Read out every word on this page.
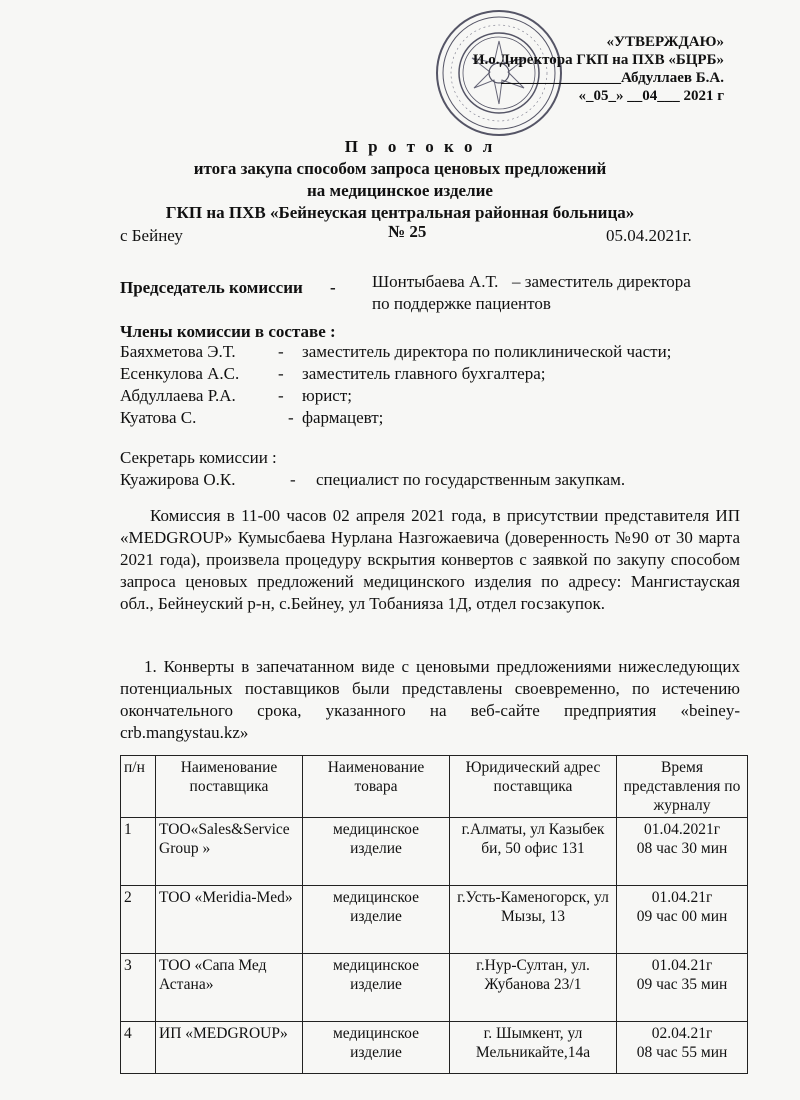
«УТВЕРЖДАЮ»
И.о.Директора ГКП на ПХВ «БЦРБ»
________________Абдуллаев Б.А.
«_05_» __04___ 2021 г
П р о т о к о л
итога закупа способом запроса ценовых предложений
на медицинское изделие
ГКП на ПХВ «Бейнеуская центральная районная больница»
с Бейнеу	№ 25	05.04.2021г.
Председатель комиссии - Шонтыбаева А.Т. – заместитель директора
по поддержке пациентов
Члены комиссии в составе :
Баяхметова Э.Т. - заместитель директора по поликлинической части;
Есенкулова А.С. - заместитель главного бухгалтера;
Абдуллаева Р.А. - юрист;
Куатова С.	- фармацевт;
Секретарь комиссии :
Куажирова О.К.	- специалист по государственным закупкам.
Комиссия в 11-00 часов 02 апреля 2021 года, в присутствии представителя ИП «MEDGROUP» Кумысбаева Нурлана Назгожаевича (доверенность №90 от 30 марта 2021 года), произвела процедуру вскрытия конвертов с заявкой по закупу способом запроса ценовых предложений медицинского изделия по адресу: Мангистауская обл., Бейнеуский р-н, с.Бейнеу, ул Тобанияза 1Д, отдел госзакупок.
1. Конверты в запечатанном виде с ценовыми предложениями нижеследующих потенциальных поставщиков были представлены своевременно, по истечению окончательного срока, указанного на веб-сайте предприятия «beiney-crb.mangystau.kz»
п/н	Наименование поставщика	Наименование товара	Юридический адрес поставщика	Время представления по журналу
1	ТОО«Sales&Service Group »	медицинское изделие	г.Алматы, ул Казыбек би, 50 офис 131	01.04.2021г
08 час 30 мин

2	ТОО «Meridia-Med»	медицинское изделие	г.Усть-Каменогорск, ул Мызы, 13	01.04.21г
09 час 00 мин

3	ТОО «Сапа Мед Астана»	медицинское изделие	г.Нур-Султан, ул. Жубанова 23/1	01.04.21г
09 час 35 мин

4	ИП «MEDGROUP»	медицинское изделие	г. Шымкент, ул Мельникайте,14а	02.04.21г
08 час 55 мин
